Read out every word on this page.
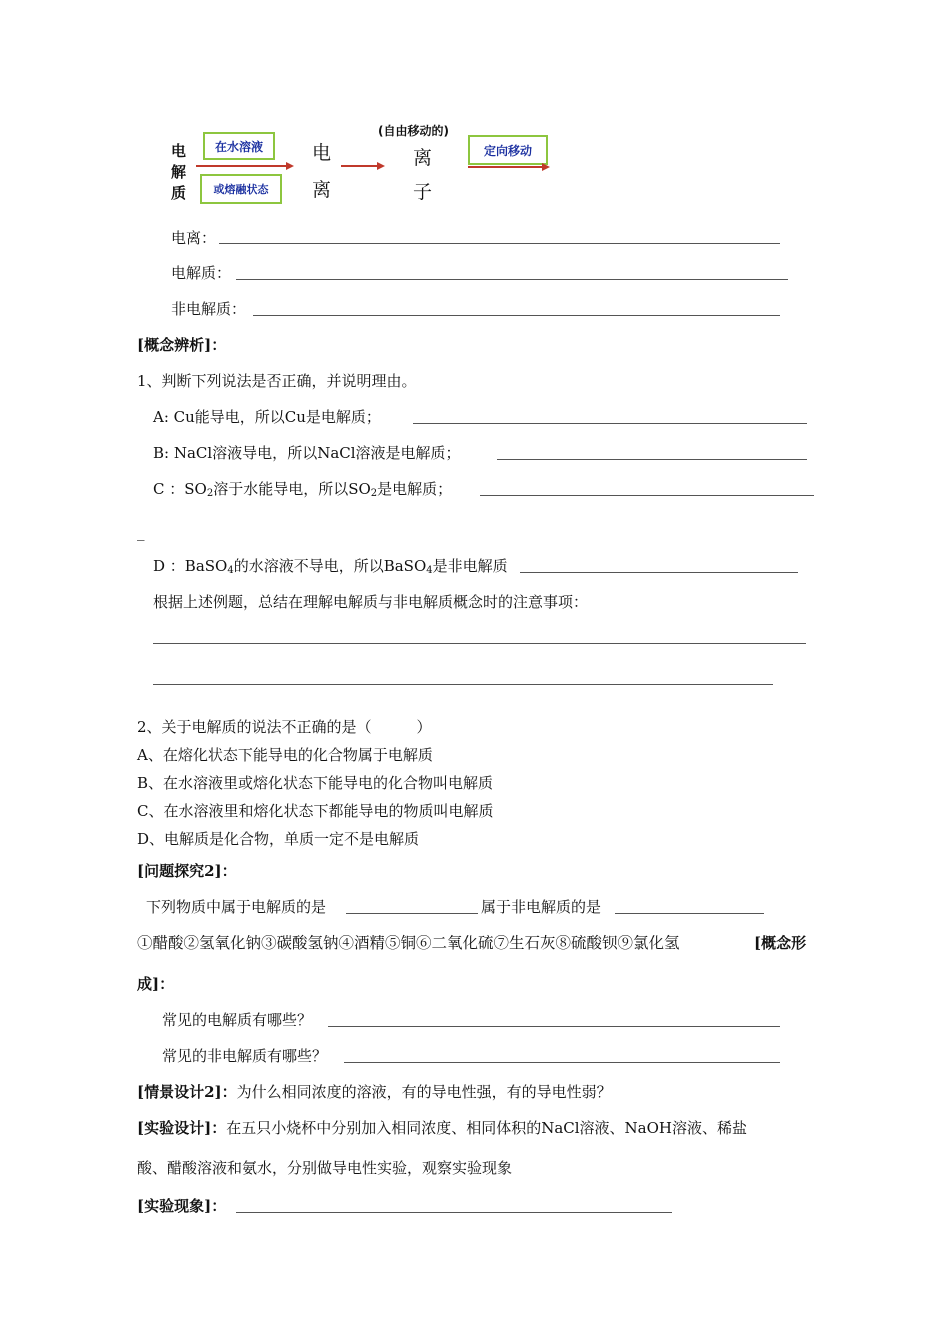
电
解
质
在水溶液
或熔融状态
电
离
(自由移动的)
离
子
定向移动
电离：
电解质：
非电解质：
[概念辨析]：
1、判断下列说法是否正确，并说明理由。
A: Cu能导电，所以Cu是电解质；
B: NaCl溶液导电，所以NaCl溶液是电解质；
C ：$SO_2$溶于水能导电，所以$SO_2$是电解质；
_
D ：BaSO$_4$的水溶液不导电，所以BaSO$_4$是非电解质
根据上述例题，总结在理解电解质与非电解质概念时的注意事项：
2、关于电解质的说法不正确的是（　　　）
A、在熔化状态下能导电的化合物属于电解质
B、在水溶液里或熔化状态下能导电的化合物叫电解质
C、在水溶液里和熔化状态下都能导电的物质叫电解质
D、电解质是化合物，单质一定不是电解质
[问题探究2]：
下列物质中属于电解质的是	属于非电解质的是
①醋酸②氢氧化钠③碳酸氢钠④酒精⑤铜⑥二氧化硫⑦生石灰⑧硫酸钡⑨氯化氢	[概念形
成]：
常见的电解质有哪些？
常见的非电解质有哪些？
[情景设计2]：为什么相同浓度的溶液，有的导电性强，有的导电性弱？
[实验设计]：在五只小烧杯中分别加入相同浓度、相同体积的NaCl溶液、NaOH溶液、稀盐
酸、醋酸溶液和氨水，分别做导电性实验，观察实验现象
[实验现象]：
